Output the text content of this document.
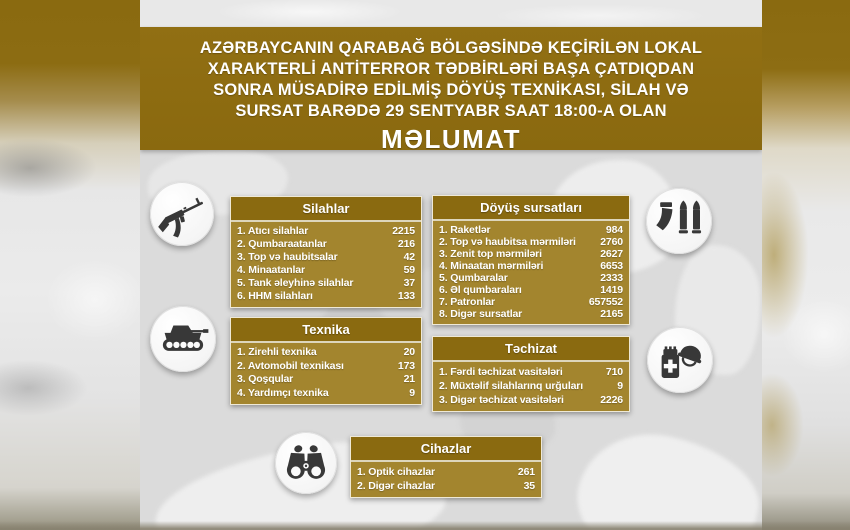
AZƏRBAYCANIN QARABAĞ BÖLGƏSİNDƏ KEÇİRİLƏN LOKAL
XARAKTERLİ ANTİTERROR TƏDBİRLƏRİ BAŞA ÇATDIQDAN
SONRA MÜSADİRƏ EDİLMİŞ DÖYÜŞ TEXNİKASI, SİLAH VƏ
SURSAT BARƏDƏ 29 SENTYABR SAAT 18:00-A OLAN
MƏLUMAT
Silahlar
1. Atıcı silahlar	2215
2. Qumbaraatanlar	216
3. Top və haubitsalar	42
4. Minaatanlar	59
5. Tank əleyhinə silahlar	37
6. HHM silahları	133
Döyüş sursatları
1. Raketlər	984
2. Top və haubitsa mərmiləri	2760
3. Zenit top mərmiləri	2627
4. Minaatan mərmiləri	6653
5. Qumbaralar	2333
6. Əl qumbaraları	1419
7. Patronlar	657552
8. Digər sursatlar	2165
Texnika
1. Zirehli texnika	20
2. Avtomobil texnikası	173
3. Qoşqular	21
4. Yardımçı texnika	9
Təchizat
1. Fərdi təchizat vasitələri	710
2. Müxtəlif silahlarınq urğuları	9
3. Digər təchizat vasitələri	2226
Cihazlar
1. Optik cihazlar	261
2. Digər cihazlar	35
